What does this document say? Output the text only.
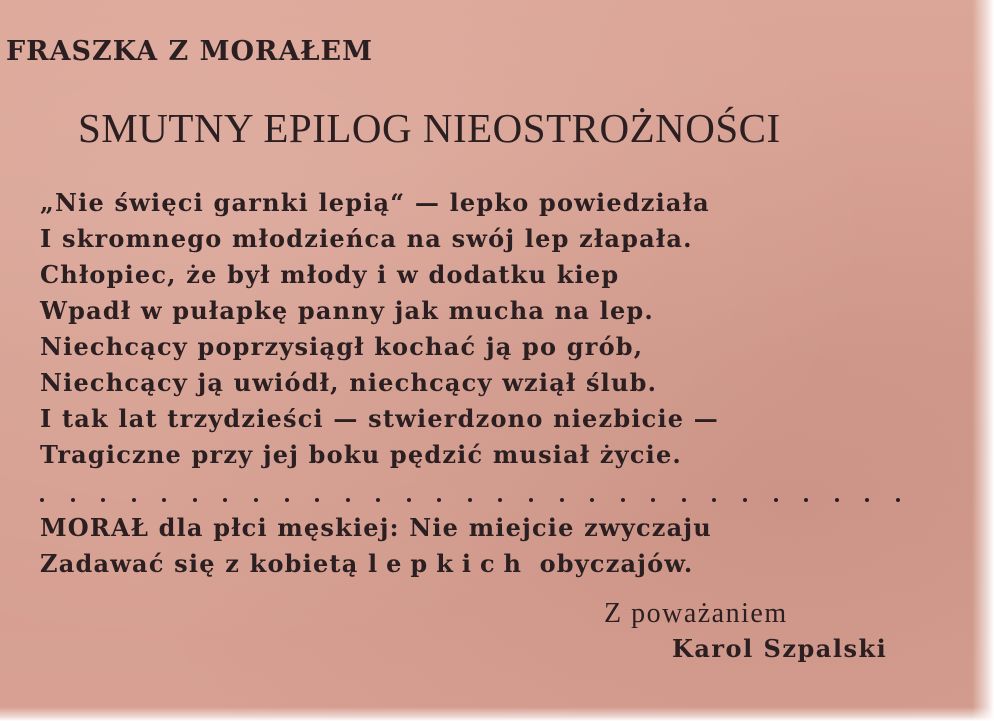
FRASZKA Z MORAŁEM
SMUTNY EPILOG NIEOSTROŻNOŚCI
„Nie święci garnki lepią“ — lepko powiedziała
I skromnego młodzieńca na swój lep złapała.
Chłopiec, że był młody i w dodatku kiep
Wpadł w pułapkę panny jak mucha na lep.
Niechcący poprzysiągł kochać ją po grób,
Niechcący ją uwiódł, niechcący wziął ślub.
I tak lat trzydzieści — stwierdzono niezbicie —
Tragiczne przy jej boku pędzić musiał życie.
MORAŁ dla płci męskiej: Nie miejcie zwyczaju
Zadawać się z kobietą lepkich obyczajów.
Z poważaniem
Karol Szpalski
